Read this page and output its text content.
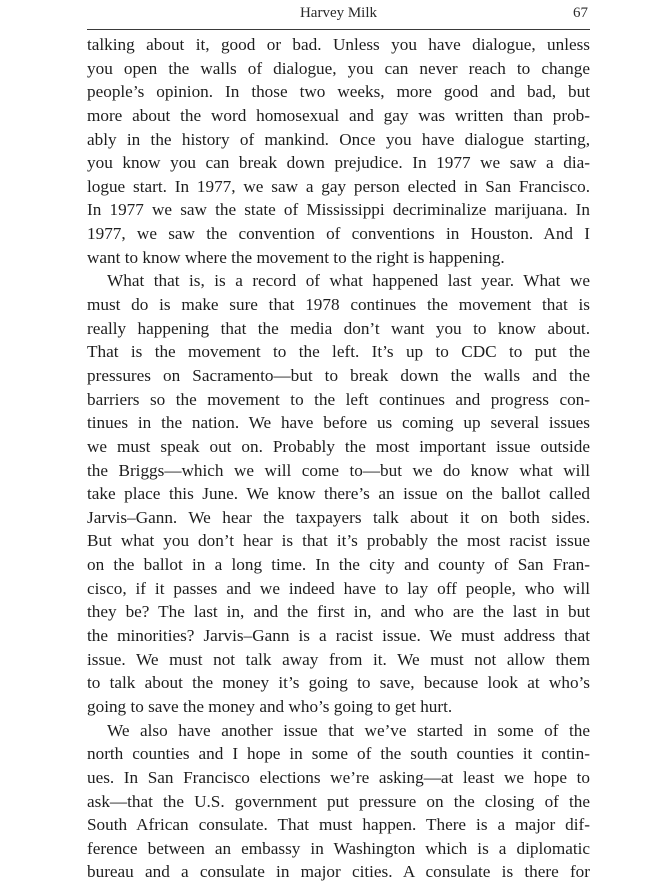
Harvey Milk	67

talking about it, good or bad. Unless you have dialogue, unless
you open the walls of dialogue, you can never reach to change
people’s opinion. In those two weeks, more good and bad, but
more about the word homosexual and gay was written than prob-
ably in the history of mankind. Once you have dialogue starting,
you know you can break down prejudice. In 1977 we saw a dia-
logue start. In 1977, we saw a gay person elected in San Francisco.
In 1977 we saw the state of Mississippi decriminalize marijuana. In
1977, we saw the convention of conventions in Houston. And I
want to know where the movement to the right is happening.

What that is, is a record of what happened last year. What we
must do is make sure that 1978 continues the movement that is
really happening that the media don’t want you to know about.
That is the movement to the left. It’s up to CDC to put the
pressures on Sacramento—but to break down the walls and the
barriers so the movement to the left continues and progress con-
tinues in the nation. We have before us coming up several issues
we must speak out on. Probably the most important issue outside
the Briggs—which we will come to—but we do know what will
take place this June. We know there’s an issue on the ballot called
Jarvis–Gann. We hear the taxpayers talk about it on both sides.
But what you don’t hear is that it’s probably the most racist issue
on the ballot in a long time. In the city and county of San Fran-
cisco, if it passes and we indeed have to lay off people, who will
they be? The last in, and the first in, and who are the last in but
the minorities? Jarvis–Gann is a racist issue. We must address that
issue. We must not talk away from it. We must not allow them
to talk about the money it’s going to save, because look at who’s
going to save the money and who’s going to get hurt.

We also have another issue that we’ve started in some of the
north counties and I hope in some of the south counties it contin-
ues. In San Francisco elections we’re asking—at least we hope to
ask—that the U.S. government put pressure on the closing of the
South African consulate. That must happen. There is a major dif-
ference between an embassy in Washington which is a diplomatic
bureau and a consulate in major cities. A consulate is there for
